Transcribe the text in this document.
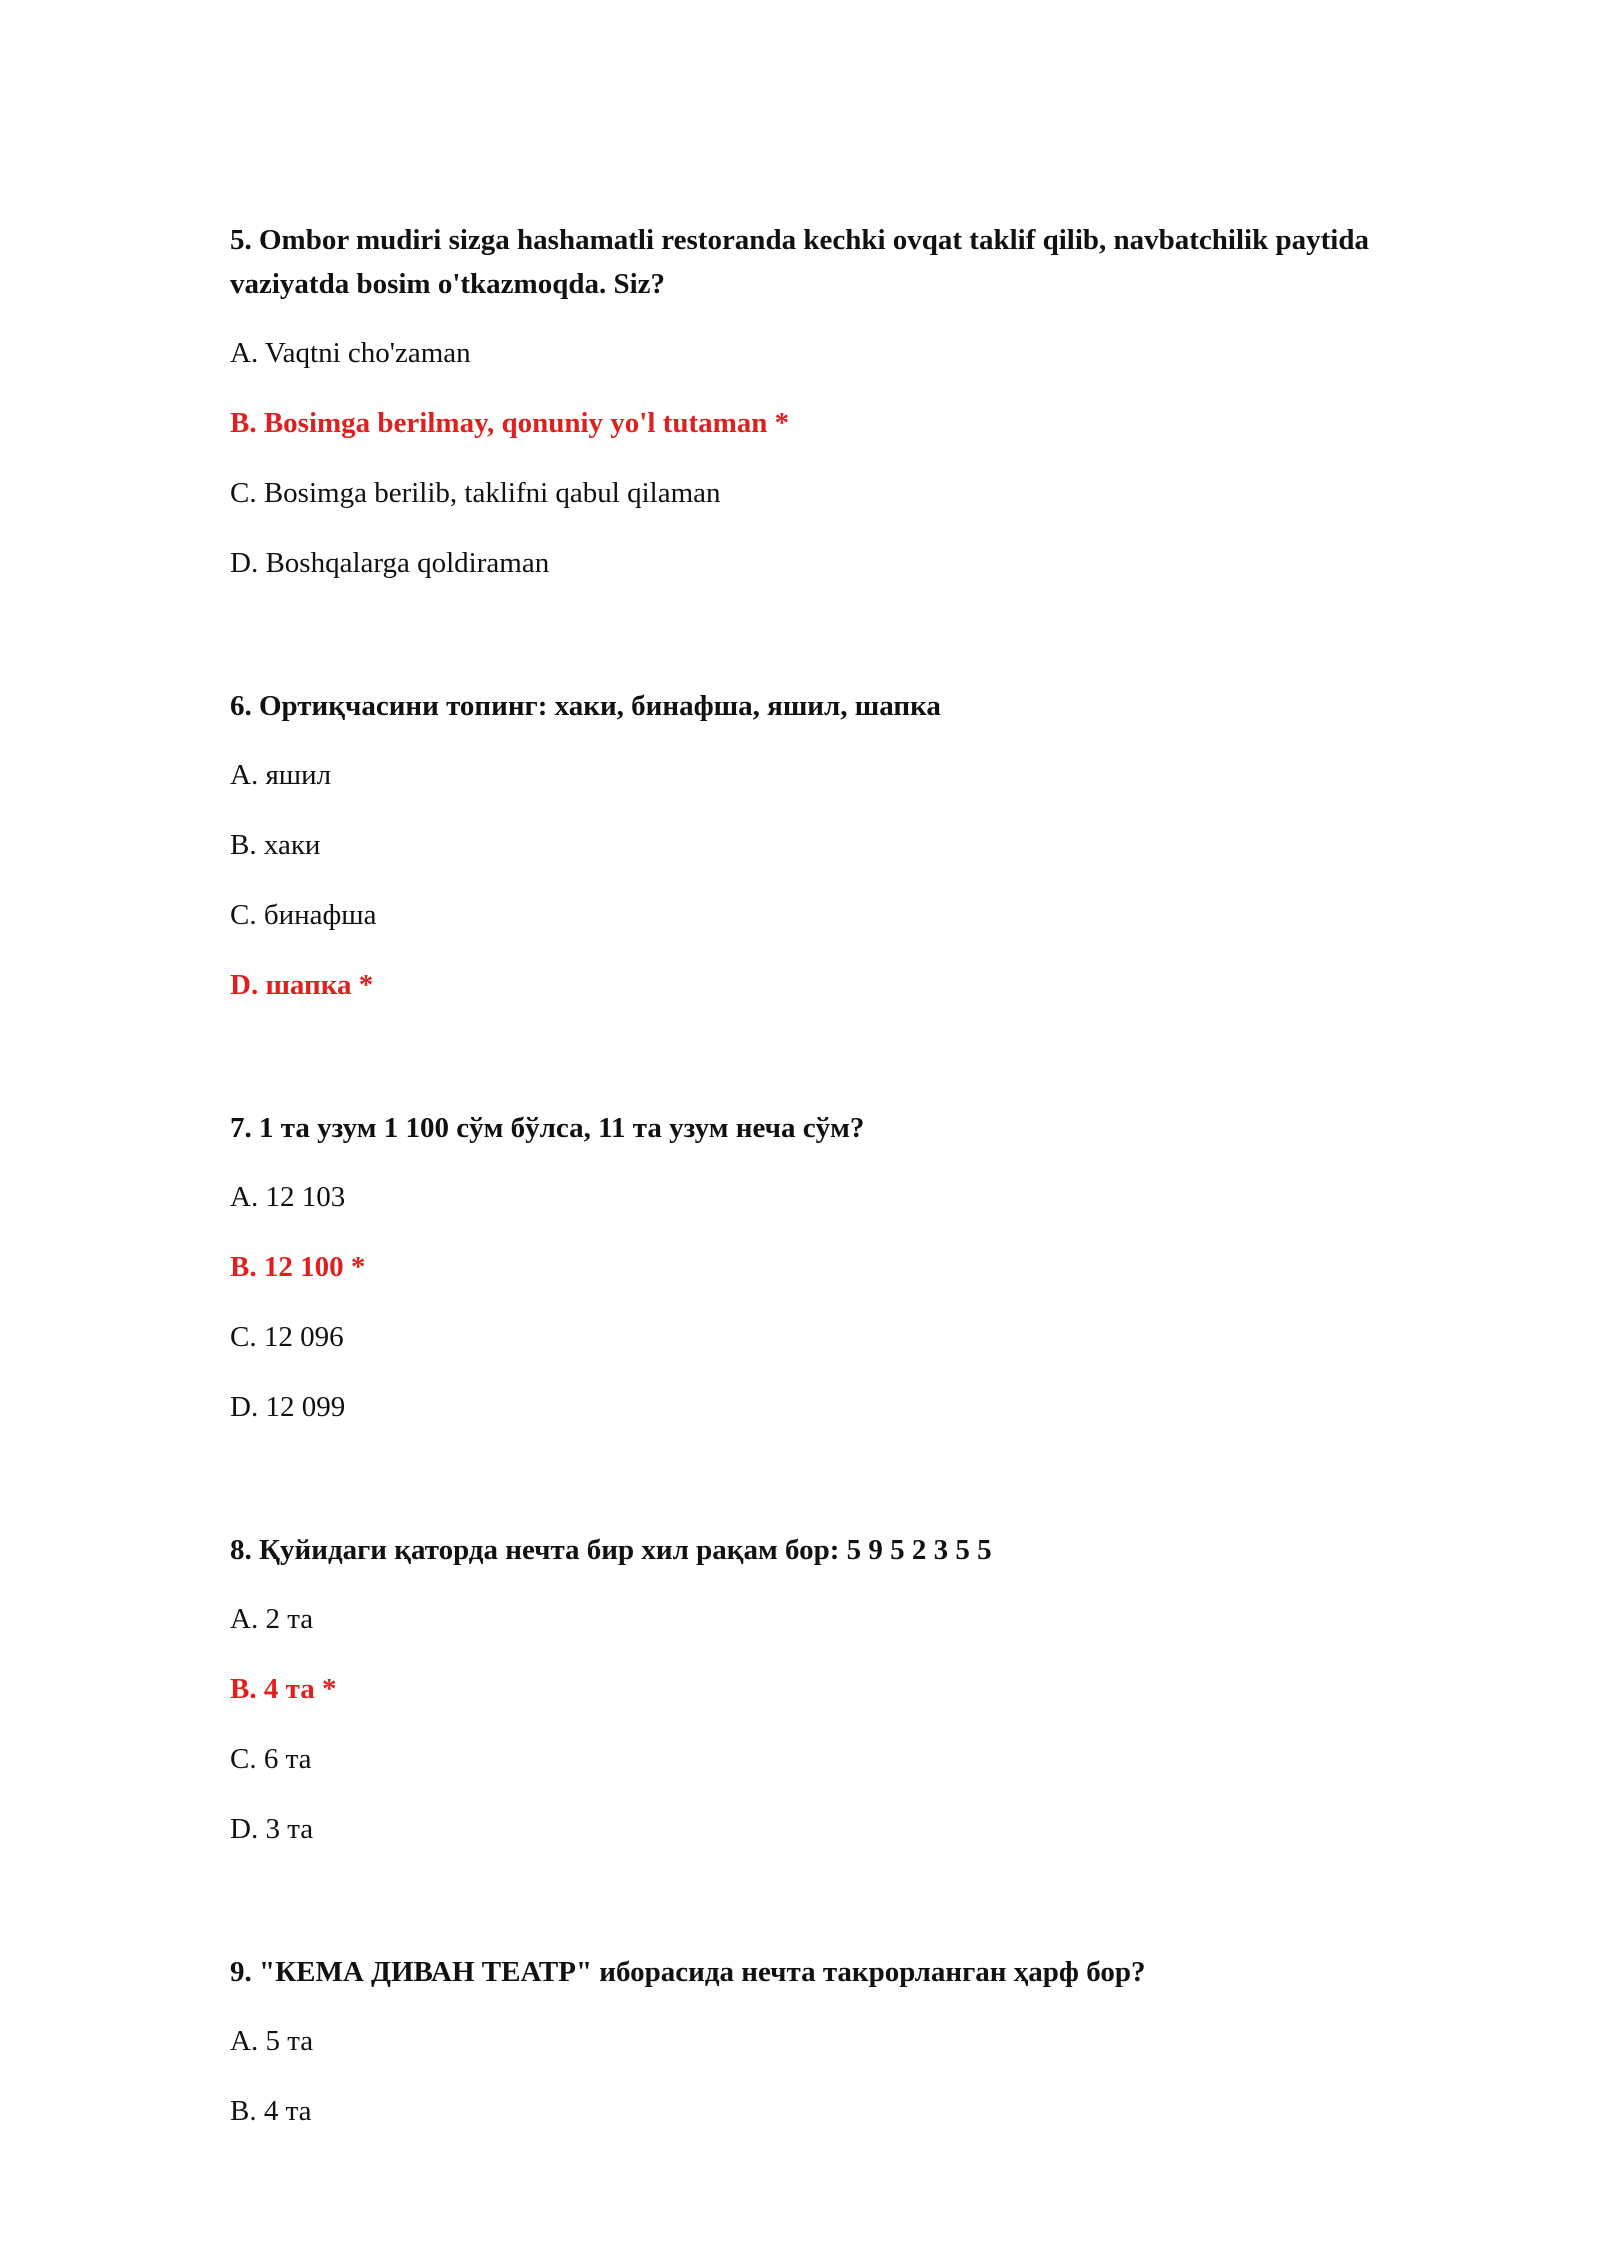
5. Ombor mudiri sizga hashamatli restoranda kechki ovqat taklif qilib, navbatchilik paytida vaziyatda bosim o'tkazmoqda. Siz?

A. Vaqtni cho'zaman
B. Bosimga berilmay, qonuniy yo'l tutaman *
C. Bosimga berilib, taklifni qabul qilaman
D. Boshqalarga qoldiraman

6. Ортиқчасини топинг: хаки, бинафша, яшил, шапка

A. яшил
B. хаки
C. бинафша
D. шапка *

7. 1 та узум 1 100 сўм бўлса, 11 та узум неча сўм?

A. 12 103
B. 12 100 *
C. 12 096
D. 12 099

8. Қуйидаги қаторда нечта бир хил рақам бор: 5 9 5 2 3 5 5

A. 2 та
B. 4 та *
C. 6 та
D. 3 та

9. "КЕМА ДИВАН ТЕАТР" иборасида нечта такрорланган ҳарф бор?

A. 5 та
B. 4 та
